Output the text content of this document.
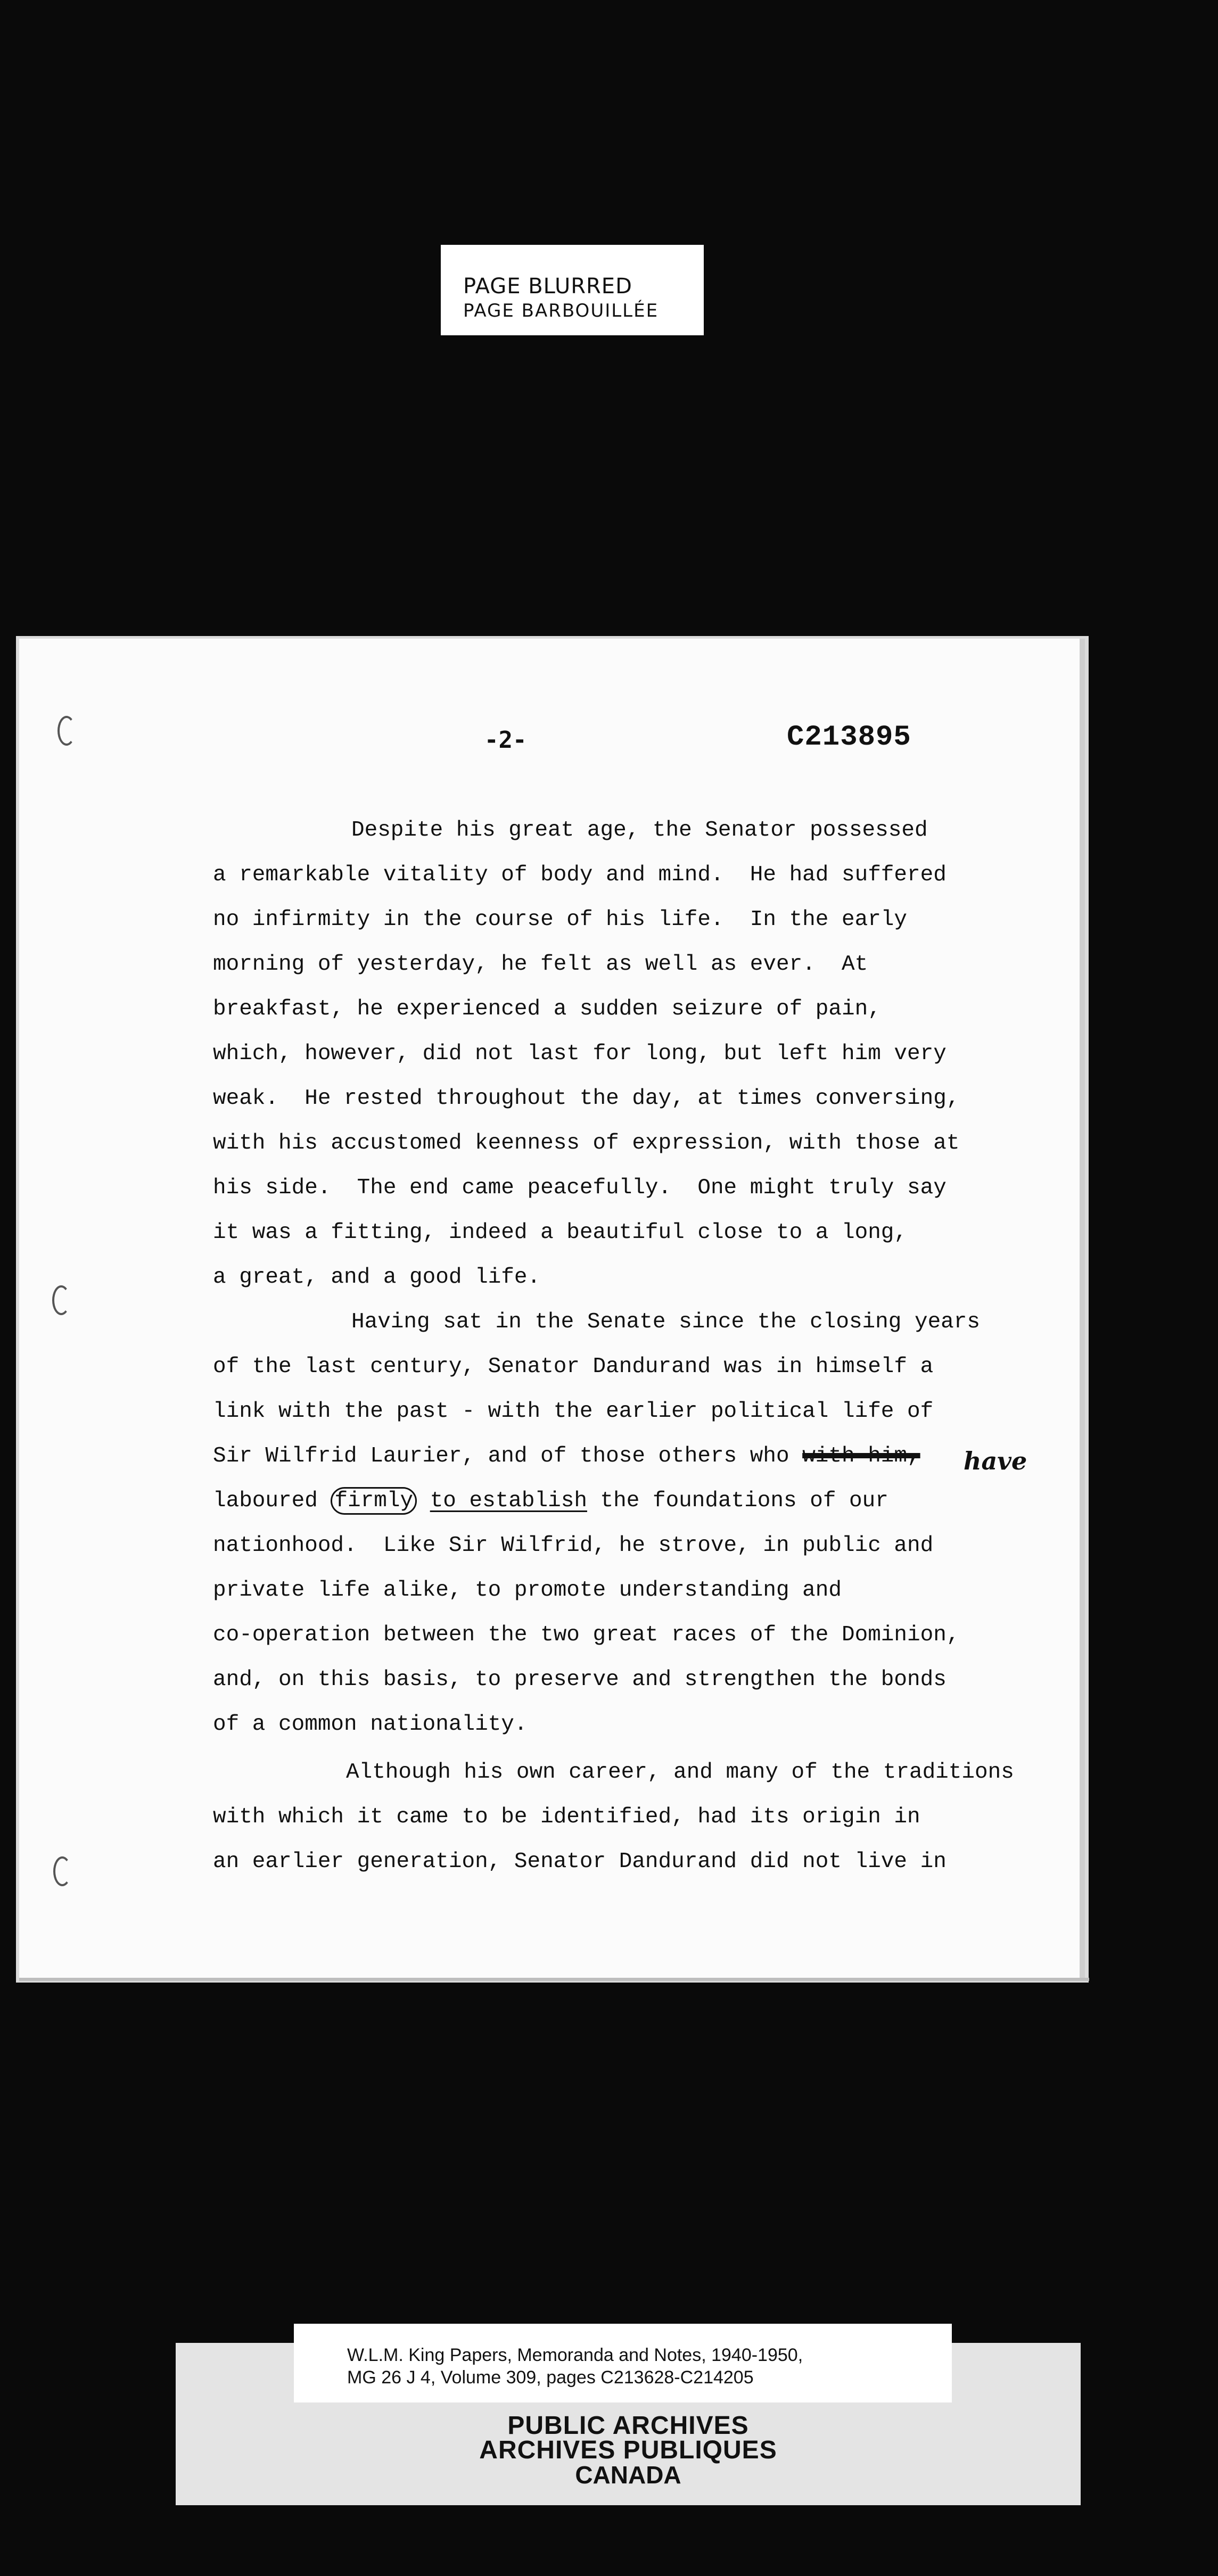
PAGE BLURRED
PAGE BARBOUILLÉE
-2-	C213895
Despite his great age, the Senator possessed
a remarkable vitality of body and mind.  He had suffered
no infirmity in the course of his life.  In the early
morning of yesterday, he felt as well as ever.  At
breakfast, he experienced a sudden seizure of pain,
which, however, did not last for long, but left him very
weak.  He rested throughout the day, at times conversing,
with his accustomed keenness of expression, with those at
his side.  The end came peacefully.  One might truly say
it was a fitting, indeed a beautiful close to a long,
a great, and a good life.
Having sat in the Senate since the closing years
of the last century, Senator Dandurand was in himself a
link with the past - with the earlier political life of
Sir Wilfrid Laurier, and of those others who with him,
laboured firmly to establish the foundations of our
nationhood.  Like Sir Wilfrid, he strove, in public and
private life alike, to promote understanding and
co-operation between the two great races of the Dominion,
and, on this basis, to preserve and strengthen the bonds
of a common nationality.
Although his own career, and many of the traditions
with which it came to be identified, had its origin in
an earlier generation, Senator Dandurand did not live in
have
W.L.M. King Papers, Memoranda and Notes, 1940-1950,
MG 26 J 4, Volume 309, pages C213628-C214205
PUBLIC ARCHIVES
ARCHIVES PUBLIQUES
CANADA
